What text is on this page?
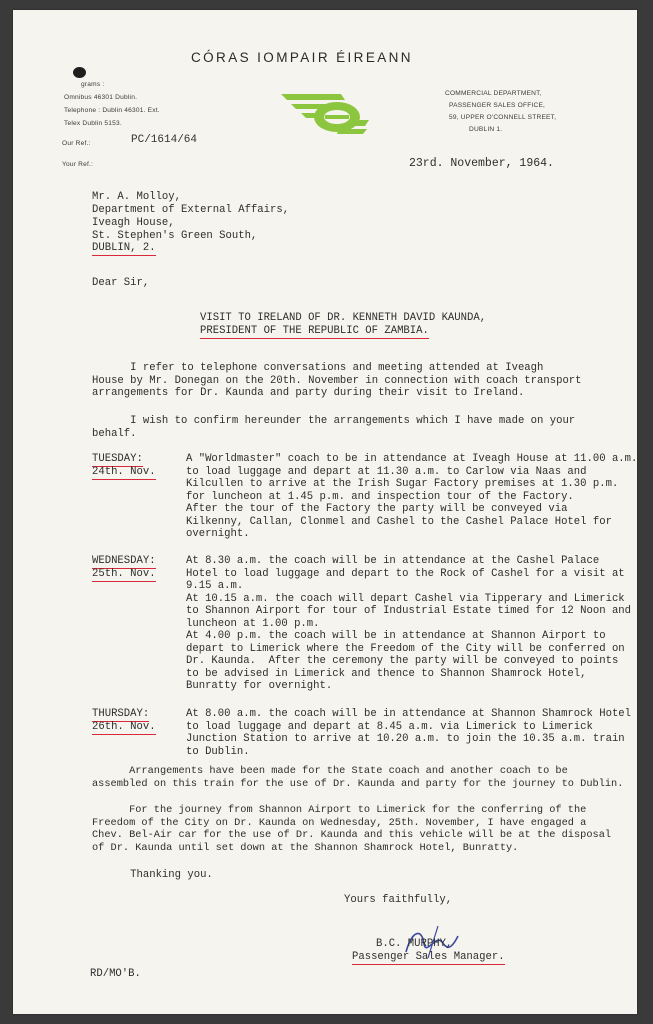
CÓRAS IOMPAIR ÉIREANN
grams :
Omnibus 46301 Dublin.
Telephone : Dublin 46301. Ext.
Telex Dublin 5153.
Our Ref.:	PC/1614/64
Your Ref.:
COMMERCIAL DEPARTMENT,
PASSENGER SALES OFFICE,
59, UPPER O'CONNELL STREET,
DUBLIN 1.
23rd. November, 1964.
Mr. A. Molloy,
Department of External Affairs,
Iveagh House,
St. Stephen's Green South,
DUBLIN, 2.
Dear Sir,
VISIT TO IRELAND OF DR. KENNETH DAVID KAUNDA,
PRESIDENT OF THE REPUBLIC OF ZAMBIA.
I refer to telephone conversations and meeting attended at Iveagh
House by Mr. Donegan on the 20th. November in connection with coach transport
arrangements for Dr. Kaunda and party during their visit to Ireland.
I wish to confirm hereunder the arrangements which I have made on your
behalf.
TUESDAY:
24th. Nov.
A "Worldmaster" coach to be in attendance at Iveagh House at 11.00 a.m.
to load luggage and depart at 11.30 a.m. to Carlow via Naas and
Kilcullen to arrive at the Irish Sugar Factory premises at 1.30 p.m.
for luncheon at 1.45 p.m. and inspection tour of the Factory.
After the tour of the Factory the party will be conveyed via
Kilkenny, Callan, Clonmel and Cashel to the Cashel Palace Hotel for
overnight.
WEDNESDAY:
25th. Nov.
At 8.30 a.m. the coach will be in attendance at the Cashel Palace
Hotel to load luggage and depart to the Rock of Cashel for a visit at
9.15 a.m.
At 10.15 a.m. the coach will depart Cashel via Tipperary and Limerick
to Shannon Airport for tour of Industrial Estate timed for 12 Noon and
luncheon at 1.00 p.m.
At 4.00 p.m. the coach will be in attendance at Shannon Airport to
depart to Limerick where the Freedom of the City will be conferred on
Dr. Kaunda.  After the ceremony the party will be conveyed to points
to be advised in Limerick and thence to Shannon Shamrock Hotel,
Bunratty for overnight.
THURSDAY:
26th. Nov.
At 8.00 a.m. the coach will be in attendance at Shannon Shamrock Hotel
to load luggage and depart at 8.45 a.m. via Limerick to Limerick
Junction Station to arrive at 10.20 a.m. to join the 10.35 a.m. train
to Dublin.
Arrangements have been made for the State coach and another coach to be
assembled on this train for the use of Dr. Kaunda and party for the journey to Dublin.
For the journey from Shannon Airport to Limerick for the conferring of the
Freedom of the City on Dr. Kaunda on Wednesday, 25th. November, I have engaged a
Chev. Bel-Air car for the use of Dr. Kaunda and this vehicle will be at the disposal
of Dr. Kaunda until set down at the Shannon Shamrock Hotel, Bunratty.
Thanking you.
Yours faithfully,
B.C. MURPHY,
Passenger Sales Manager.
RD/MO'B.
